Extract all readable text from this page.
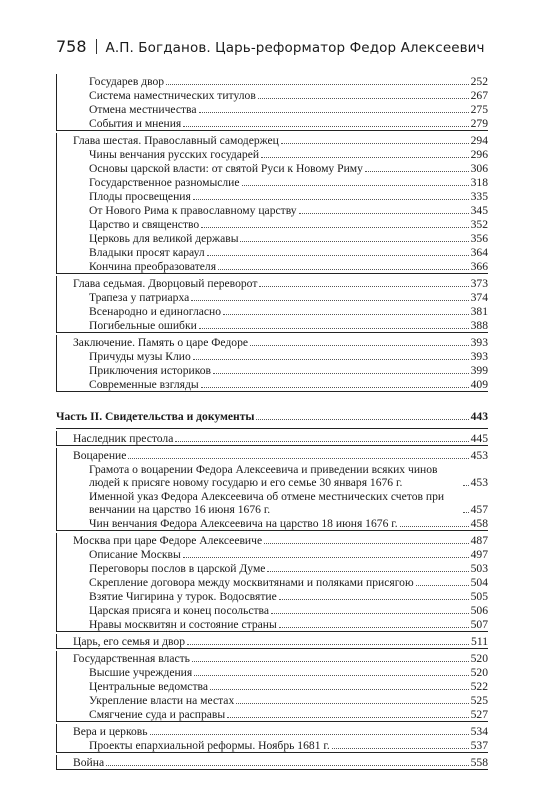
758 А.П. Богданов. Царь-реформатор Федор Алексеевич
Государев двор	252
Система наместнических титулов	267
Отмена местничества	275
События и мнения	279
Глава шестая. Православный самодержец	294
Чины венчания русских государей	296
Основы царской власти: от святой Руси к Новому Риму	306
Государственное разномыслие	318
Плоды просвещения	335
От Нового Рима к православному царству	345
Царство и священство	352
Церковь для великой державы	356
Владыки просят караул	364
Кончина преобразователя	366
Глава седьмая. Дворцовый переворот	373
Трапеза у патриарха	374
Всенародно и единогласно	381
Погибельные ошибки	388
Заключение. Память о царе Федоре	393
Причуды музы Клио	393
Приключения историков	399
Современные взгляды	409
Часть II. Свидетельства и документы	443
Наследник престола	445
Воцарение	453
Грамота о воцарении Федора Алексеевича и приведении всяких чинов людей к присяге новому государю и его семье 30 января 1676 г.	453
Именной указ Федора Алексеевича об отмене местнических счетов при венчании на царство 16 июня 1676 г.	457
Чин венчания Федора Алексеевича на царство 18 июня 1676 г.	458
Москва при царе Федоре Алексеевиче	487
Описание Москвы	497
Переговоры послов в царской Думе	503
Скрепление договора между москвитянами и поляками присягою	504
Взятие Чигирина у турок. Водосвятие	505
Царская присяга и конец посольства	506
Нравы москвитян и состояние страны	507
Царь, его семья и двор	511
Государственная власть	520
Высшие учреждения	520
Центральные ведомства	522
Укрепление власти на местах	525
Смягчение суда и расправы	527
Вера и церковь	534
Проекты епархиальной реформы. Ноябрь 1681 г.	537
Война	558
